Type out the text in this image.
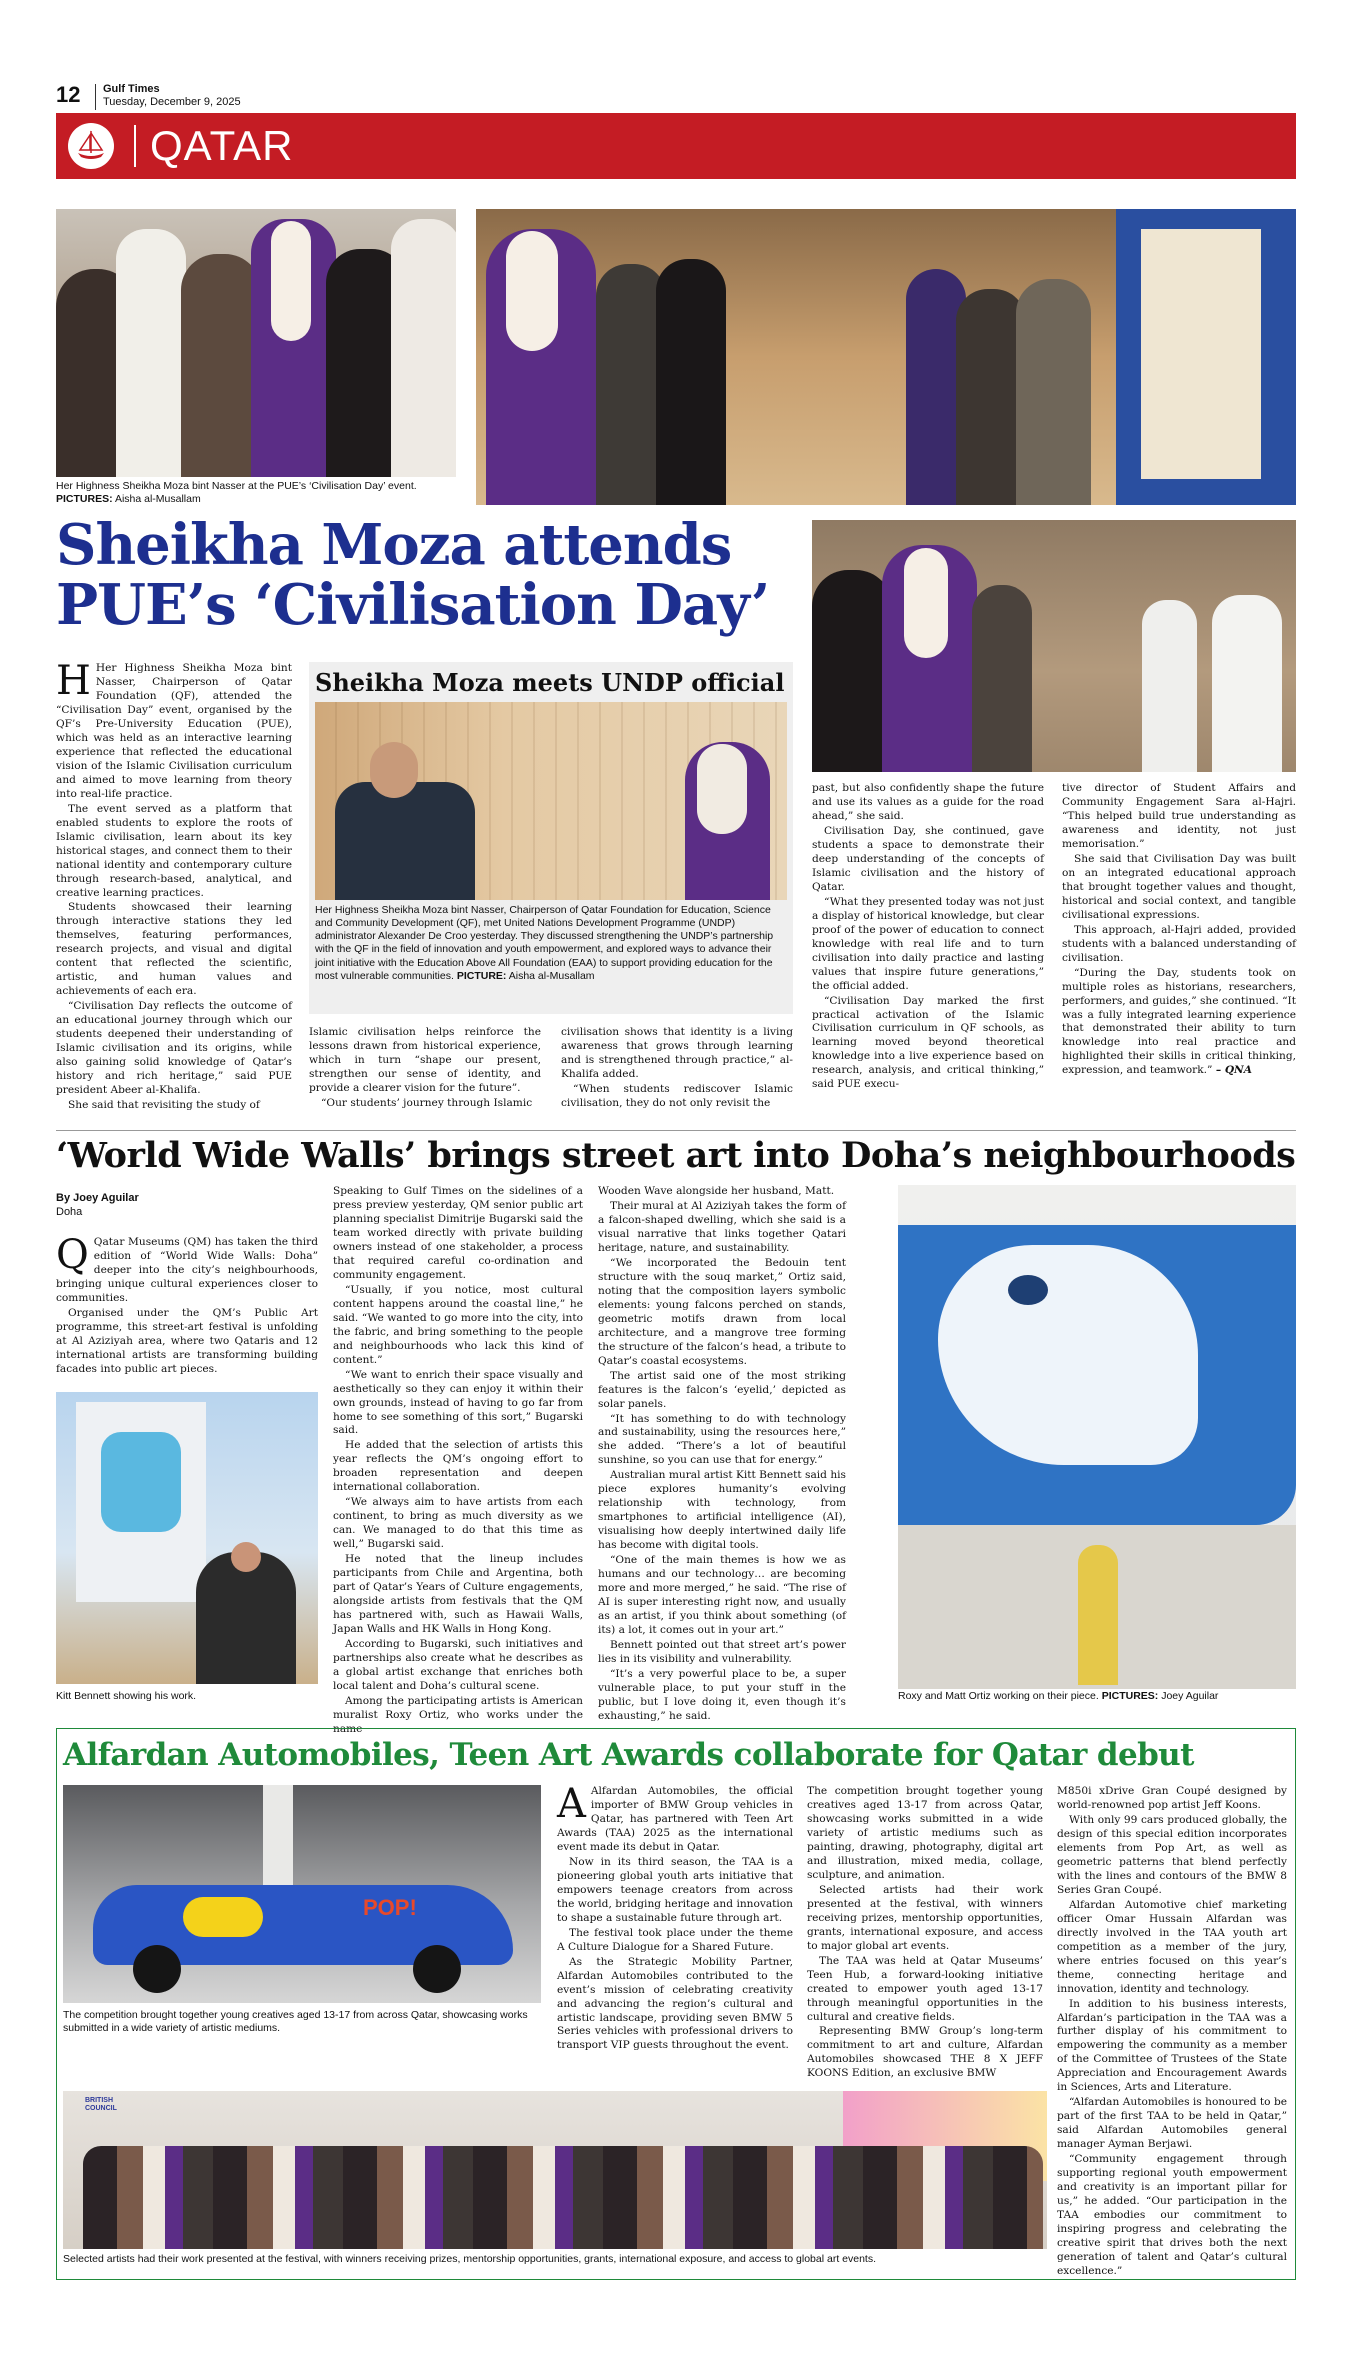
12 Gulf Times
Tuesday, December 9, 2025
QATAR
Her Highness Sheikha Moza bint Nasser at the PUE’s ‘Civilisation Day’ event. PICTURES: Aisha al-Musallam
Sheikha Moza attends
PUE’s ‘Civilisation Day’
Sheikha Moza meets UNDP official
Her Highness Sheikha Moza bint Nasser, Chairperson of Qatar Foundation for Education, Science and Community Development (QF), met United Nations Development Programme (UNDP) administrator Alexander De Croo yesterday. They discussed strengthening the UNDP’s partnership with the QF in the field of innovation and youth empowerment, and explored ways to advance their joint initiative with the Education Above All Foundation (EAA) to support providing education for the most vulnerable communities. PICTURE: Aisha al-Musallam

H Her Highness Sheikha Moza bint Nasser, Chairperson of Qatar Foundation (QF), attended the “Civilisation Day” event, organised by the QF’s Pre-University Education (PUE), which was held as an interactive learning experience that reflected the educational vision of the Islamic Civilisation curriculum and aimed to move learning from theory into real-life practice.

The event served as a platform that enabled students to explore the roots of Islamic civilisation, learn about its key historical stages, and connect them to their national identity and contemporary culture through research-based, analytical, and creative learning practices.

Students showcased their learning through interactive stations they led themselves, featuring performances, research projects, and visual and digital content that reflected the scientific, artistic, and human values and achievements of each era.

“Civilisation Day reflects the outcome of an educational journey through which our students deepened their understanding of Islamic civilisation and its origins, while also gaining solid knowledge of Qatar’s history and rich heritage,” said PUE president Abeer al-Khalifa.

She said that revisiting the study of

Islamic civilisation helps reinforce the lessons drawn from historical experience, which in turn “shape our present, strengthen our sense of identity, and provide a clearer vision for the future”.

“Our students’ journey through Islamic

civilisation shows that identity is a living awareness that grows through learning and is strengthened through practice,” al-Khalifa added.

“When students rediscover Islamic civilisation, they do not only revisit the

past, but also confidently shape the future and use its values as a guide for the road ahead,” she said.

Civilisation Day, she continued, gave students a space to demonstrate their deep understanding of the concepts of Islamic civilisation and the history of Qatar.

“What they presented today was not just a display of historical knowledge, but clear proof of the power of education to connect knowledge with real life and to turn civilisation into daily practice and lasting values that inspire future generations,” the official added.

“Civilisation Day marked the first practical activation of the Islamic Civilisation curriculum in QF schools, as learning moved beyond theoretical knowledge into a live experience based on research, analysis, and critical thinking,” said PUE execu-

tive director of Student Affairs and Community Engagement Sara al-Hajri. “This helped build true understanding as awareness and identity, not just memorisation.”

She said that Civilisation Day was built on an integrated educational approach that brought together values and thought, historical and social context, and tangible civilisational expressions.

This approach, al-Hajri added, provided students with a balanced understanding of civilisation.

“During the Day, students took on multiple roles as historians, researchers, performers, and guides,” she continued. “It was a fully integrated learning experience that demonstrated their ability to turn knowledge into real practice and highlighted their skills in critical thinking, expression, and teamwork.” – QNA

‘World Wide Walls’ brings street art into Doha’s neighbourhoods
By Joey Aguilar
Doha

Q Qatar Museums (QM) has taken the third edition of “World Wide Walls: Doha” deeper into the city’s neighbourhoods, bringing unique cultural experiences closer to communities.

Organised under the QM’s Public Art programme, this street-art festival is unfolding at Al Aziziyah area, where two Qataris and 12 international artists are transforming building facades into public art pieces.

Kitt Bennett showing his work.

Speaking to Gulf Times on the sidelines of a press preview yesterday, QM senior public art planning specialist Dimitrije Bugarski said the team worked directly with private building owners instead of one stakeholder, a process that required careful co-ordination and community engagement.

“Usually, if you notice, most cultural content happens around the coastal line,” he said. “We wanted to go more into the city, into the fabric, and bring something to the people and neighbourhoods who lack this kind of content.”

“We want to enrich their space visually and aesthetically so they can enjoy it within their own grounds, instead of having to go far from home to see something of this sort,” Bugarski said.

He added that the selection of artists this year reflects the QM’s ongoing effort to broaden representation and deepen international collaboration.

“We always aim to have artists from each continent, to bring as much diversity as we can. We managed to do that this time as well,” Bugarski said.

He noted that the lineup includes participants from Chile and Argentina, both part of Qatar’s Years of Culture engagements, alongside artists from festivals that the QM has partnered with, such as Hawaii Walls, Japan Walls and HK Walls in Hong Kong.

According to Bugarski, such initiatives and partnerships also create what he describes as a global artist exchange that enriches both local talent and Doha’s cultural scene.

Among the participating artists is American muralist Roxy Ortiz, who works under the name

Wooden Wave alongside her husband, Matt.

Their mural at Al Aziziyah takes the form of a falcon-shaped dwelling, which she said is a visual narrative that links together Qatari heritage, nature, and sustainability.

“We incorporated the Bedouin tent structure with the souq market,” Ortiz said, noting that the composition layers symbolic elements: young falcons perched on stands, geometric motifs drawn from local architecture, and a mangrove tree forming the structure of the falcon’s head, a tribute to Qatar’s coastal ecosystems.

The artist said one of the most striking features is the falcon’s ‘eyelid,’ depicted as solar panels.

“It has something to do with technology and sustainability, using the resources here,” she added. “There’s a lot of beautiful sunshine, so you can use that for energy.”

Australian mural artist Kitt Bennett said his piece explores humanity’s evolving relationship with technology, from smartphones to artificial intelligence (AI), visualising how deeply intertwined daily life has become with digital tools.

“One of the main themes is how we as humans and our technology… are becoming more and more merged,” he said. “The rise of AI is super interesting right now, and usually as an artist, if you think about something (of its) a lot, it comes out in your art.”

Bennett pointed out that street art’s power lies in its visibility and vulnerability.

“It’s a very powerful place to be, a super vulnerable place, to put your stuff in the public, but I love doing it, even though it’s exhausting,” he said.

Roxy and Matt Ortiz working on their piece. PICTURES: Joey Aguilar
Alfardan Automobiles, Teen Art Awards collaborate for Qatar debut
POP!
The competition brought together young creatives aged 13-17 from across Qatar, showcasing works submitted in a wide variety of artistic mediums.

A Alfardan Automobiles, the official importer of BMW Group vehicles in Qatar, has partnered with Teen Art Awards (TAA) 2025 as the international event made its debut in Qatar.

Now in its third season, the TAA is a pioneering global youth arts initiative that empowers teenage creators from across the world, bridging heritage and innovation to shape a sustainable future through art.

The festival took place under the theme A Culture Dialogue for a Shared Future.

As the Strategic Mobility Partner, Alfardan Automobiles contributed to the event’s mission of celebrating creativity and advancing the region’s cultural and artistic landscape, providing seven BMW 5 Series vehicles with professional drivers to transport VIP guests throughout the event.

The competition brought together young creatives aged 13-17 from across Qatar, showcasing works submitted in a wide variety of artistic mediums such as painting, drawing, photography, digital art and illustration, mixed media, collage, sculpture, and animation.

Selected artists had their work presented at the festival, with winners receiving prizes, mentorship opportunities, grants, international exposure, and access to major global art events.

The TAA was held at Qatar Museums’ Teen Hub, a forward-looking initiative created to empower youth aged 13-17 through meaningful opportunities in the cultural and creative fields.

Representing BMW Group’s long-term commitment to art and culture, Alfardan Automobiles showcased THE 8 X JEFF KOONS Edition, an exclusive BMW

M850i xDrive Gran Coupé designed by world-renowned pop artist Jeff Koons.

With only 99 cars produced globally, the design of this special edition incorporates elements from Pop Art, as well as geometric patterns that blend perfectly with the lines and contours of the BMW 8 Series Gran Coupé.

Alfardan Automotive chief marketing officer Omar Hussain Alfardan was directly involved in the TAA youth art competition as a member of the jury, where entries focused on this year’s theme, connecting heritage and innovation, identity and technology.

In addition to his business interests, Alfardan’s participation in the TAA was a further display of his commitment to empowering the community as a member of the Committee of Trustees of the State Appreciation and Encouragement Awards in Sciences, Arts and Literature.

“Alfardan Automobiles is honoured to be part of the first TAA to be held in Qatar,” said Alfardan Automobiles general manager Ayman Berjawi.

“Community engagement through supporting regional youth empowerment and creativity is an important pillar for us,” he added. “Our participation in the TAA embodies our commitment to inspiring progress and celebrating the creative spirit that drives both the next generation of talent and Qatar’s cultural excellence.”

BRITISH COUNCIL
Selected artists had their work presented at the festival, with winners receiving prizes, mentorship opportunities, grants, international exposure, and access to global art events.
